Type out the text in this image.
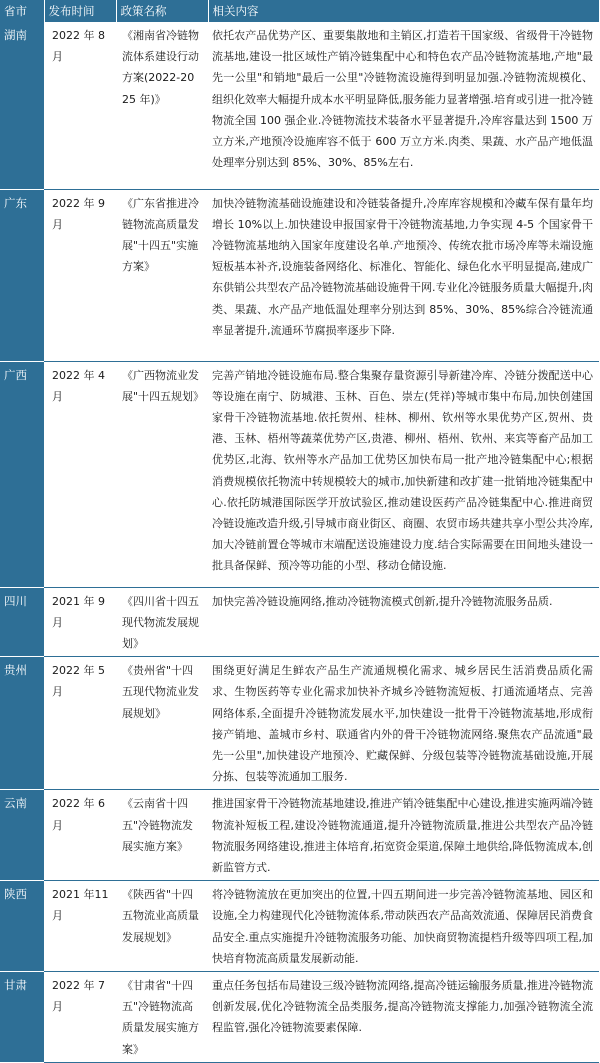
省市	发布时间	政策名称	相关内容
湖南	2022 年 8 月	《湘南省冷链物流体系建设行动方案(2022-2025 年)》	依托农产品优势产区、重要集散地和主销区,打造若干国家级、省级骨干冷链物流基地,建设一批区域性产销冷链集配中心和特色农产品冷链物流基地,产地"最先一公里"和销地"最后一公里"冷链物流设施得到明显加强.冷链物流规模化、组织化效率大幅提升成本水平明显降低,服务能力显著增强.培育或引进一批冷链物流全国 100 强企业.冷链物流技术装备水平显著提升,冷库容量达到 1500 万立方米,产地预冷设施库容不低于 600 万立方米.肉类、果蔬、水产品产地低温处理率分别达到 85%、30%、85%左右.
广东	2022 年 9 月	《广东省推进冷链物流高质量发展"十四五"实施方案》	加快冷链物流基础设施建设和冷链装备提升,冷库库容规模和冷藏车保有量年均增长 10%以上.加快建设申报国家骨干冷链物流基地,力争实现 4-5 个国家骨干冷链物流基地纳入国家年度建设名单.产地预冷、传统农批市场冷库等未端设施短板基本补齐,设施装备网络化、标准化、智能化、绿色化水平明显提高,建成广东供销公共型农产品冷链物流基础设施骨干网.专业化冷链服务质量大幅提升,肉类、果蔬、水产品产地低温处理率分别达到 85%、30%、85%综合冷链流通率显著提升,流通环节腐损率逐步下降.
广西	2022 年 4 月	《广西物流业发展"十四五规划》	完善产销地冷链设施布局.整合集聚存量资源引导新建冷库、冷链分拨配送中心等设施在南宁、防城港、玉林、百色、崇左(凭祥)等城市集中布局,加快创建国家骨干冷链物流基地.依托贺州、桂林、柳州、钦州等水果优势产区,贺州、贵港、玉林、梧州等蔬菜优势产区,贵港、柳州、梧州、钦州、来宾等畜产品加工优势区,北海、钦州等水产品加工优势区加快布局一批产地冷链集配中心;根据消费规模依托物流中转规模较大的城市,加快新建和改扩建一批销地冷链集配中心.依托防城港国际医学开放试验区,推动建设医药产品冷链集配中心.推进商贸冷链设施改造升级,引导城市商业街区、商圈、农贸市场共建共享小型公共冷库,加大冷链前置仓等城市末端配送设施建设力度.结合实际需要在田间地头建设一批具备保鲜、预冷等功能的小型、移动仓储设施.
四川	2021 年 9 月	《四川省十四五现代物流发展规划》	加快完善冷链设施网络,推动冷链物流模式创新,提升冷链物流服务品质.
贵州	2022 年 5 月	《贵州省"十四五现代物流业发展规划》	围绕更好满足生鲜农产品生产流通规模化需求、城乡居民生活消费品质化需求、生物医药等专业化需求加快补齐城乡冷链物流短板、打通流通堵点、完善网络体系,全面提升冷链物流发展水平,加快建设一批骨干冷链物流基地,形成衔接产销地、盖城市乡村、联通省内外的骨干冷链物流网络.聚焦农产品流通"最先一公里",加快建设产地预冷、贮藏保鲜、分级包装等冷链物流基础设施,开展分拣、包装等流通加工服务.
云南	2022 年 6 月	《云南省十四五"冷链物流发展实施方案》	推进国家骨干冷链物流基地建设,推进产销冷链集配中心建设,推进实施两端冷链物流补短板工程,建设冷链物流通道,提升冷链物流质量,推进公共型农产品冷链物流服务网络建设,推进主体培育,拓宽资金渠道,保障土地供给,降低物流成本,创新监管方式.
陕西	2021 年11 月	《陕西省"十四五物流业高质量发展规划》	将冷链物流放在更加突出的位置,十四五期间进一步完善冷链物流基地、园区和设施,全力构建现代化冷链物流体系,带动陕西农产品高效流通、保障居民消费食品安全.重点实施提升冷链物流服务功能、加快商贸物流提档升级等四项工程,加快培育物流高质量发展新动能.
甘肃	2022 年 7 月	《甘肃省"十四五"冷链物流高质量发展实施方案》	重点任务包括布局建设三级冷链物流网络,提高冷链运输服务质量,推进冷链物流创新发展,优化冷链物流全品类服务,提高冷链物流支撑能力,加强冷链物流全流程监管,强化冷链物流要素保障.
